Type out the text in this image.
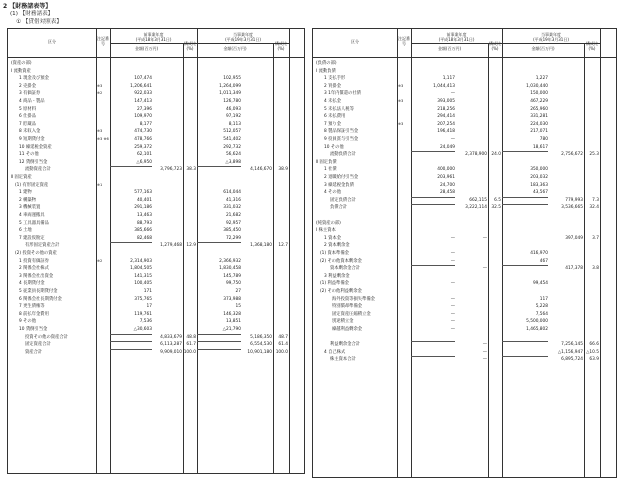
2 【財務諸表等】
(1) 【財務諸表】
① 【貸借対照表】
区分
注記番号
前事業年度
(平成18年3月31日)
金額(百万円)
構成比(%)
当事業年度
(平成19年3月31日)
金額(百万円)
構成比(%)
(資産の部)
Ⅰ 流動資産
1 現金及び預金	107,474	102,955
2 売掛金	※3	1,206,641	1,264,099
3 有価証券	※2	922,033	1,011,349
4 商品・製品	147,413	126,780
5 原材料	27,396	46,093
6 仕掛品	109,970	97,192
7 貯蔵品	8,177	8,113
8 未収入金	※3	474,730	512,057
9 短期貸付金	※3 ※6	478,766	541,402
10 繰延税金資産	259,372	292,732
11 その他	62,101	56,624
12 貸倒引当金	△6,950	△3,898
流動資産合計	3,796,723	38.3	4,146,670	38.9
Ⅱ 固定資産
(1) 有形固定資産	※1
1 建物	577,163	614,044
2 構築物	40,401	41,316
3 機械装置	291,186	331,032
4 車両運搬具	13,463	21,682
5 工具器具備品	88,793	92,957
6 土地	385,666	385,450
7 建設仮勘定	82,468	72,299
有形固定資産合計	1,279,468	12.9	1,368,180	12.7
(2) 投資その他の資産
1 投資有価証券	※2	2,314,903	2,366,932
2 関係会社株式	1,804,505	1,830,458
3 関係会社出資金	141,315	145,789
4 長期貸付金	100,405	99,750
5 従業員長期貸付金	171	27
6 関係会社長期貸付金	375,765	373,988
7 更生債権等	17	15
8 前払年金費用	119,761	146,328
9 その他	7,536	13,851
10 貸倒引当金	△30,603	△21,790
投資その他の資産合計	4,833,679	48.8	5,186,350	48.7
固定資産合計	6,113,287	61.7	6,554,530	61.4
資産合計	9,909,010 100.0	10,901,180 100.0
区分
注記番号
前事業年度
(平成18年3月31日)
金額(百万円)
構成比(%)
当事業年度
(平成19年3月31日)
金額(百万円)
構成比(%)
(負債の部)
Ⅰ 流動負債
1 支払手形	1,117	1,227
2 買掛金	※3	1,044,413	1,030,440
3 1年内償還の社債	—	150,000
4 未払金	※3	393,005	467,229
5 未払法人税等	218,256	265,960
6 未払費用	294,414	331,281
7 預り金	※3	207,254	224,030
8 製品保証引当金	196,418	217,071
9 役員賞与引当金	—	780
10 その他	24,049	18,617
流動負債合計	2,378,900	24.0	2,756,672	25.3
Ⅱ 固定負債
1 社債	400,000	350,000
2 退職給付引当金	203,961	203,032
3 繰延税金負債	24,700	183,363
4 その他	28,458	43,567
固定負債合計	662,115	6.5	779,993	7.3
負債合計	3,222,114	32.5	3,536,665	32.4
(純資産の部)
Ⅰ 株主資本
1 資本金	—	—	397,049	3.7
2 資本剰余金
(1) 資本準備金	—	416,970
(2) その他資本剰余金	—	467
資本剰余金合計	—	417,378	3.8
3 利益剰余金
(1) 利益準備金	—	99,454
(2) その他利益剰余金
海外投資等損失準備金	—	117
特別償却準備金	—	5,228
固定資産圧縮積立金	—	7,564
別途積立金	—	5,500,000
繰越利益剰余金	—	1,465,802
利益剰余金合計	—	7,256,145	66.6
4 自己株式	—	△1,156,947 △10.5
株主資本合計	—	6,895,724	63.9
